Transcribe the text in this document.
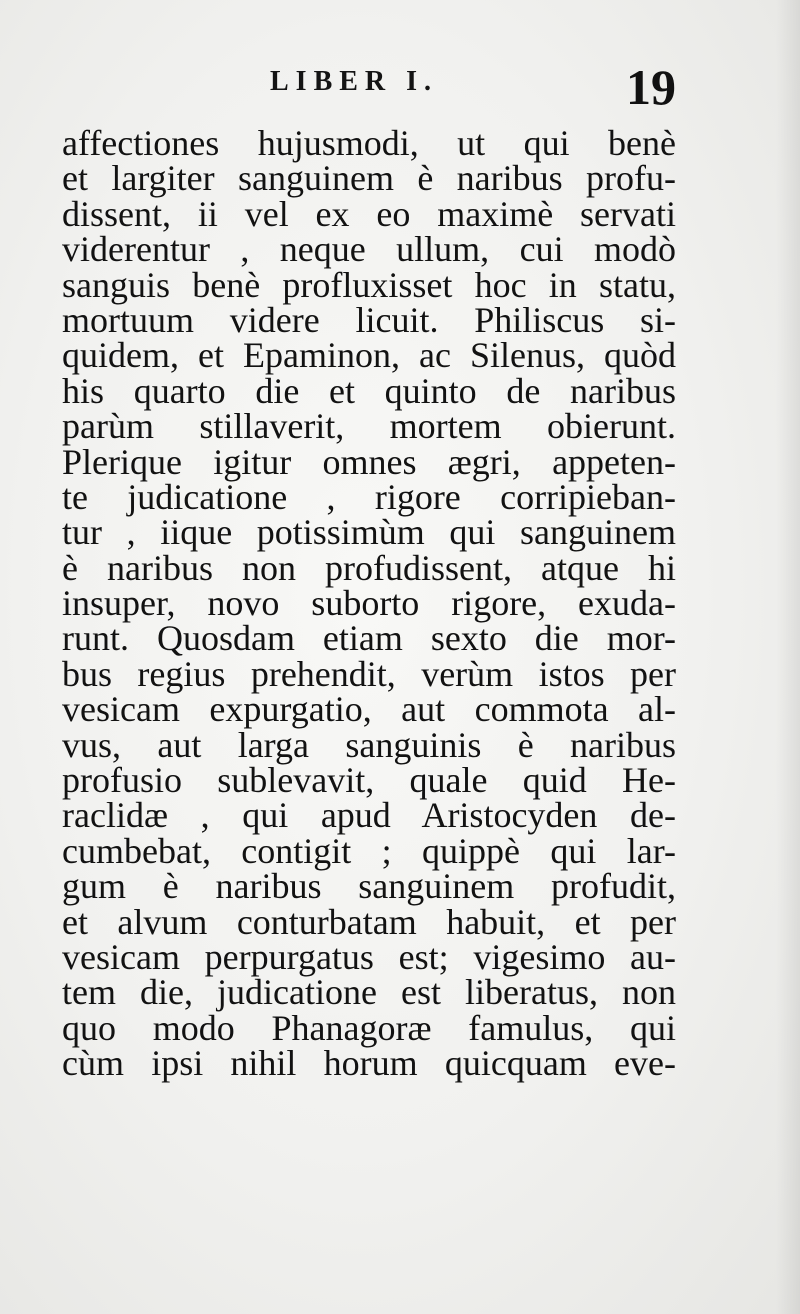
LIBER I.	19
affectiones hujusmodi, ut qui benè
et largiter sanguinem è naribus profu-
dissent, ii vel ex eo maximè servati
viderentur , neque ullum, cui modò
sanguis benè profluxisset hoc in statu,
mortuum videre licuit. Philiscus si-
quidem, et Epaminon, ac Silenus, quòd
his quarto die et quinto de naribus
parùm stillaverit, mortem obierunt.
Plerique igitur omnes ægri, appeten-
te judicatione , rigore corripieban-
tur , iique potissimùm qui sanguinem
è naribus non profudissent, atque hi
insuper, novo suborto rigore, exuda-
runt. Quosdam etiam sexto die mor-
bus regius prehendit, verùm istos per
vesicam expurgatio, aut commota al-
vus, aut larga sanguinis è naribus
profusio sublevavit, quale quid He-
raclidæ , qui apud Aristocyden de-
cumbebat, contigit ; quippè qui lar-
gum è naribus sanguinem profudit,
et alvum conturbatam habuit, et per
vesicam perpurgatus est; vigesimo au-
tem die, judicatione est liberatus, non
quo modo Phanagoræ famulus, qui
cùm ipsi nihil horum quicquam eve-
